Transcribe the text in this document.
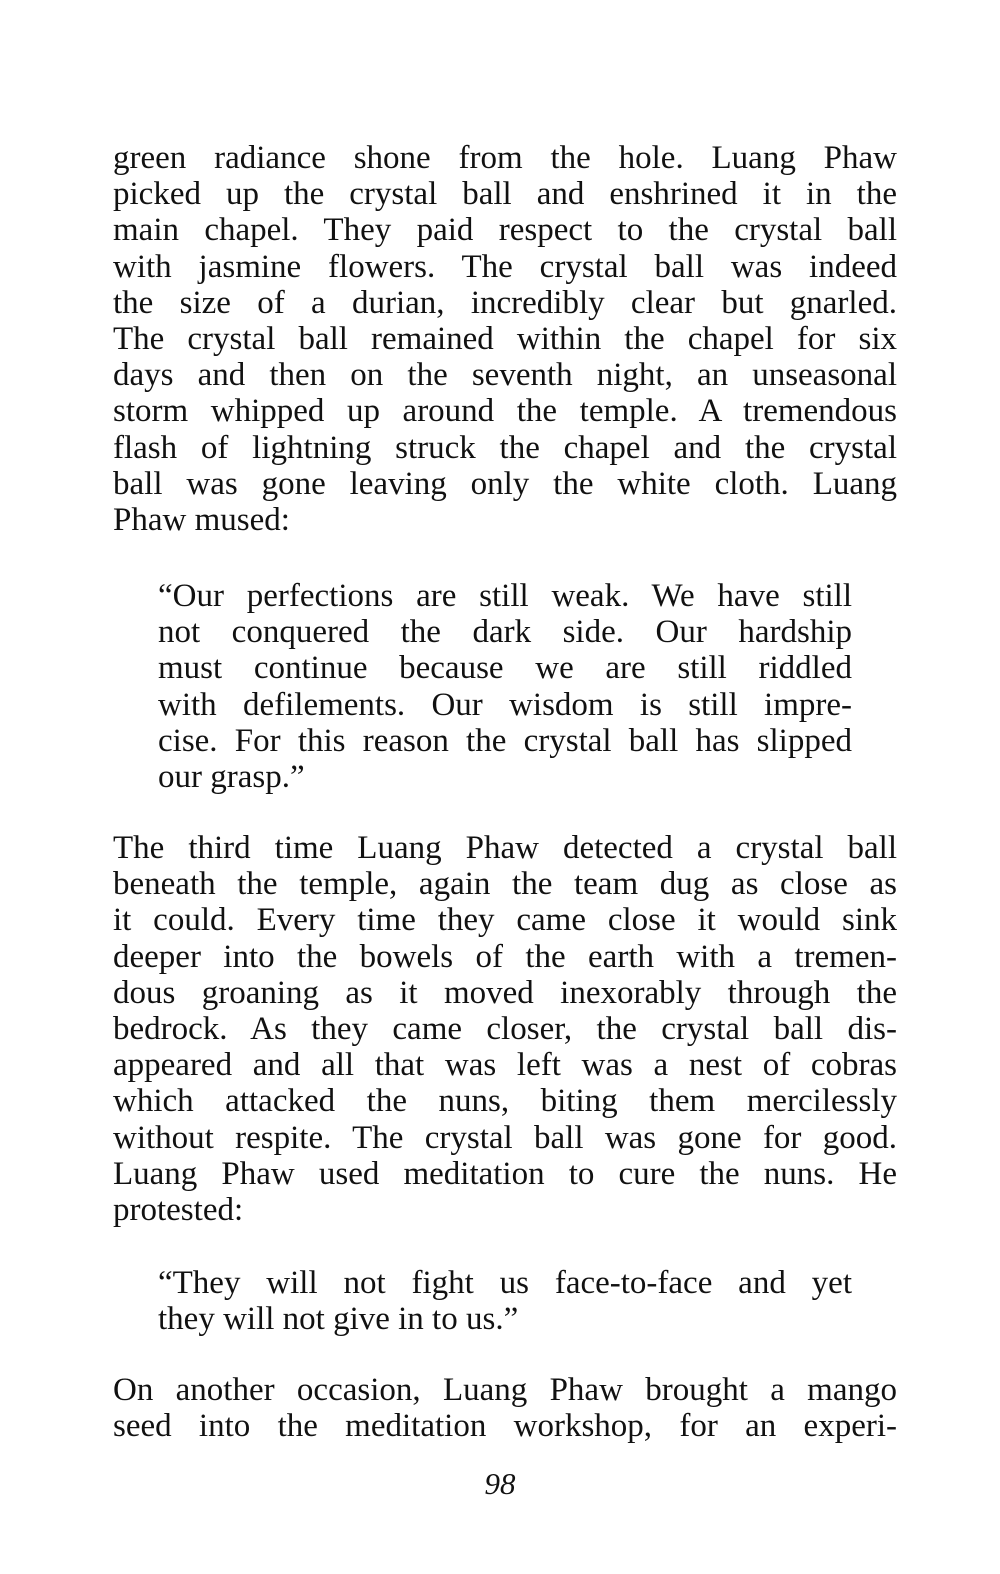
green radiance shone from the hole. Luang Phaw
picked up the crystal ball and enshrined it in the
main chapel. They paid respect to the crystal ball
with jasmine flowers. The crystal ball was indeed
the size of a durian, incredibly clear but gnarled.
The crystal ball remained within the chapel for six
days and then on the seventh night, an unseasonal
storm whipped up around the temple. A tremendous
flash of lightning struck the chapel and the crystal
ball was gone leaving only the white cloth. Luang
Phaw mused:
“Our perfections are still weak. We have still
not conquered the dark side. Our hardship
must continue because we are still riddled
with defilements. Our wisdom is still impre-
cise. For this reason the crystal ball has slipped
our grasp.”
The third time Luang Phaw detected a crystal ball
beneath the temple, again the team dug as close as
it could. Every time they came close it would sink
deeper into the bowels of the earth with a tremen-
dous groaning as it moved inexorably through the
bedrock. As they came closer, the crystal ball dis-
appeared and all that was left was a nest of cobras
which attacked the nuns, biting them mercilessly
without respite. The crystal ball was gone for good.
Luang Phaw used meditation to cure the nuns. He
protested:
“They will not fight us face-to-face and yet
they will not give in to us.”
On another occasion, Luang Phaw brought a mango
seed into the meditation workshop, for an experi-
98
